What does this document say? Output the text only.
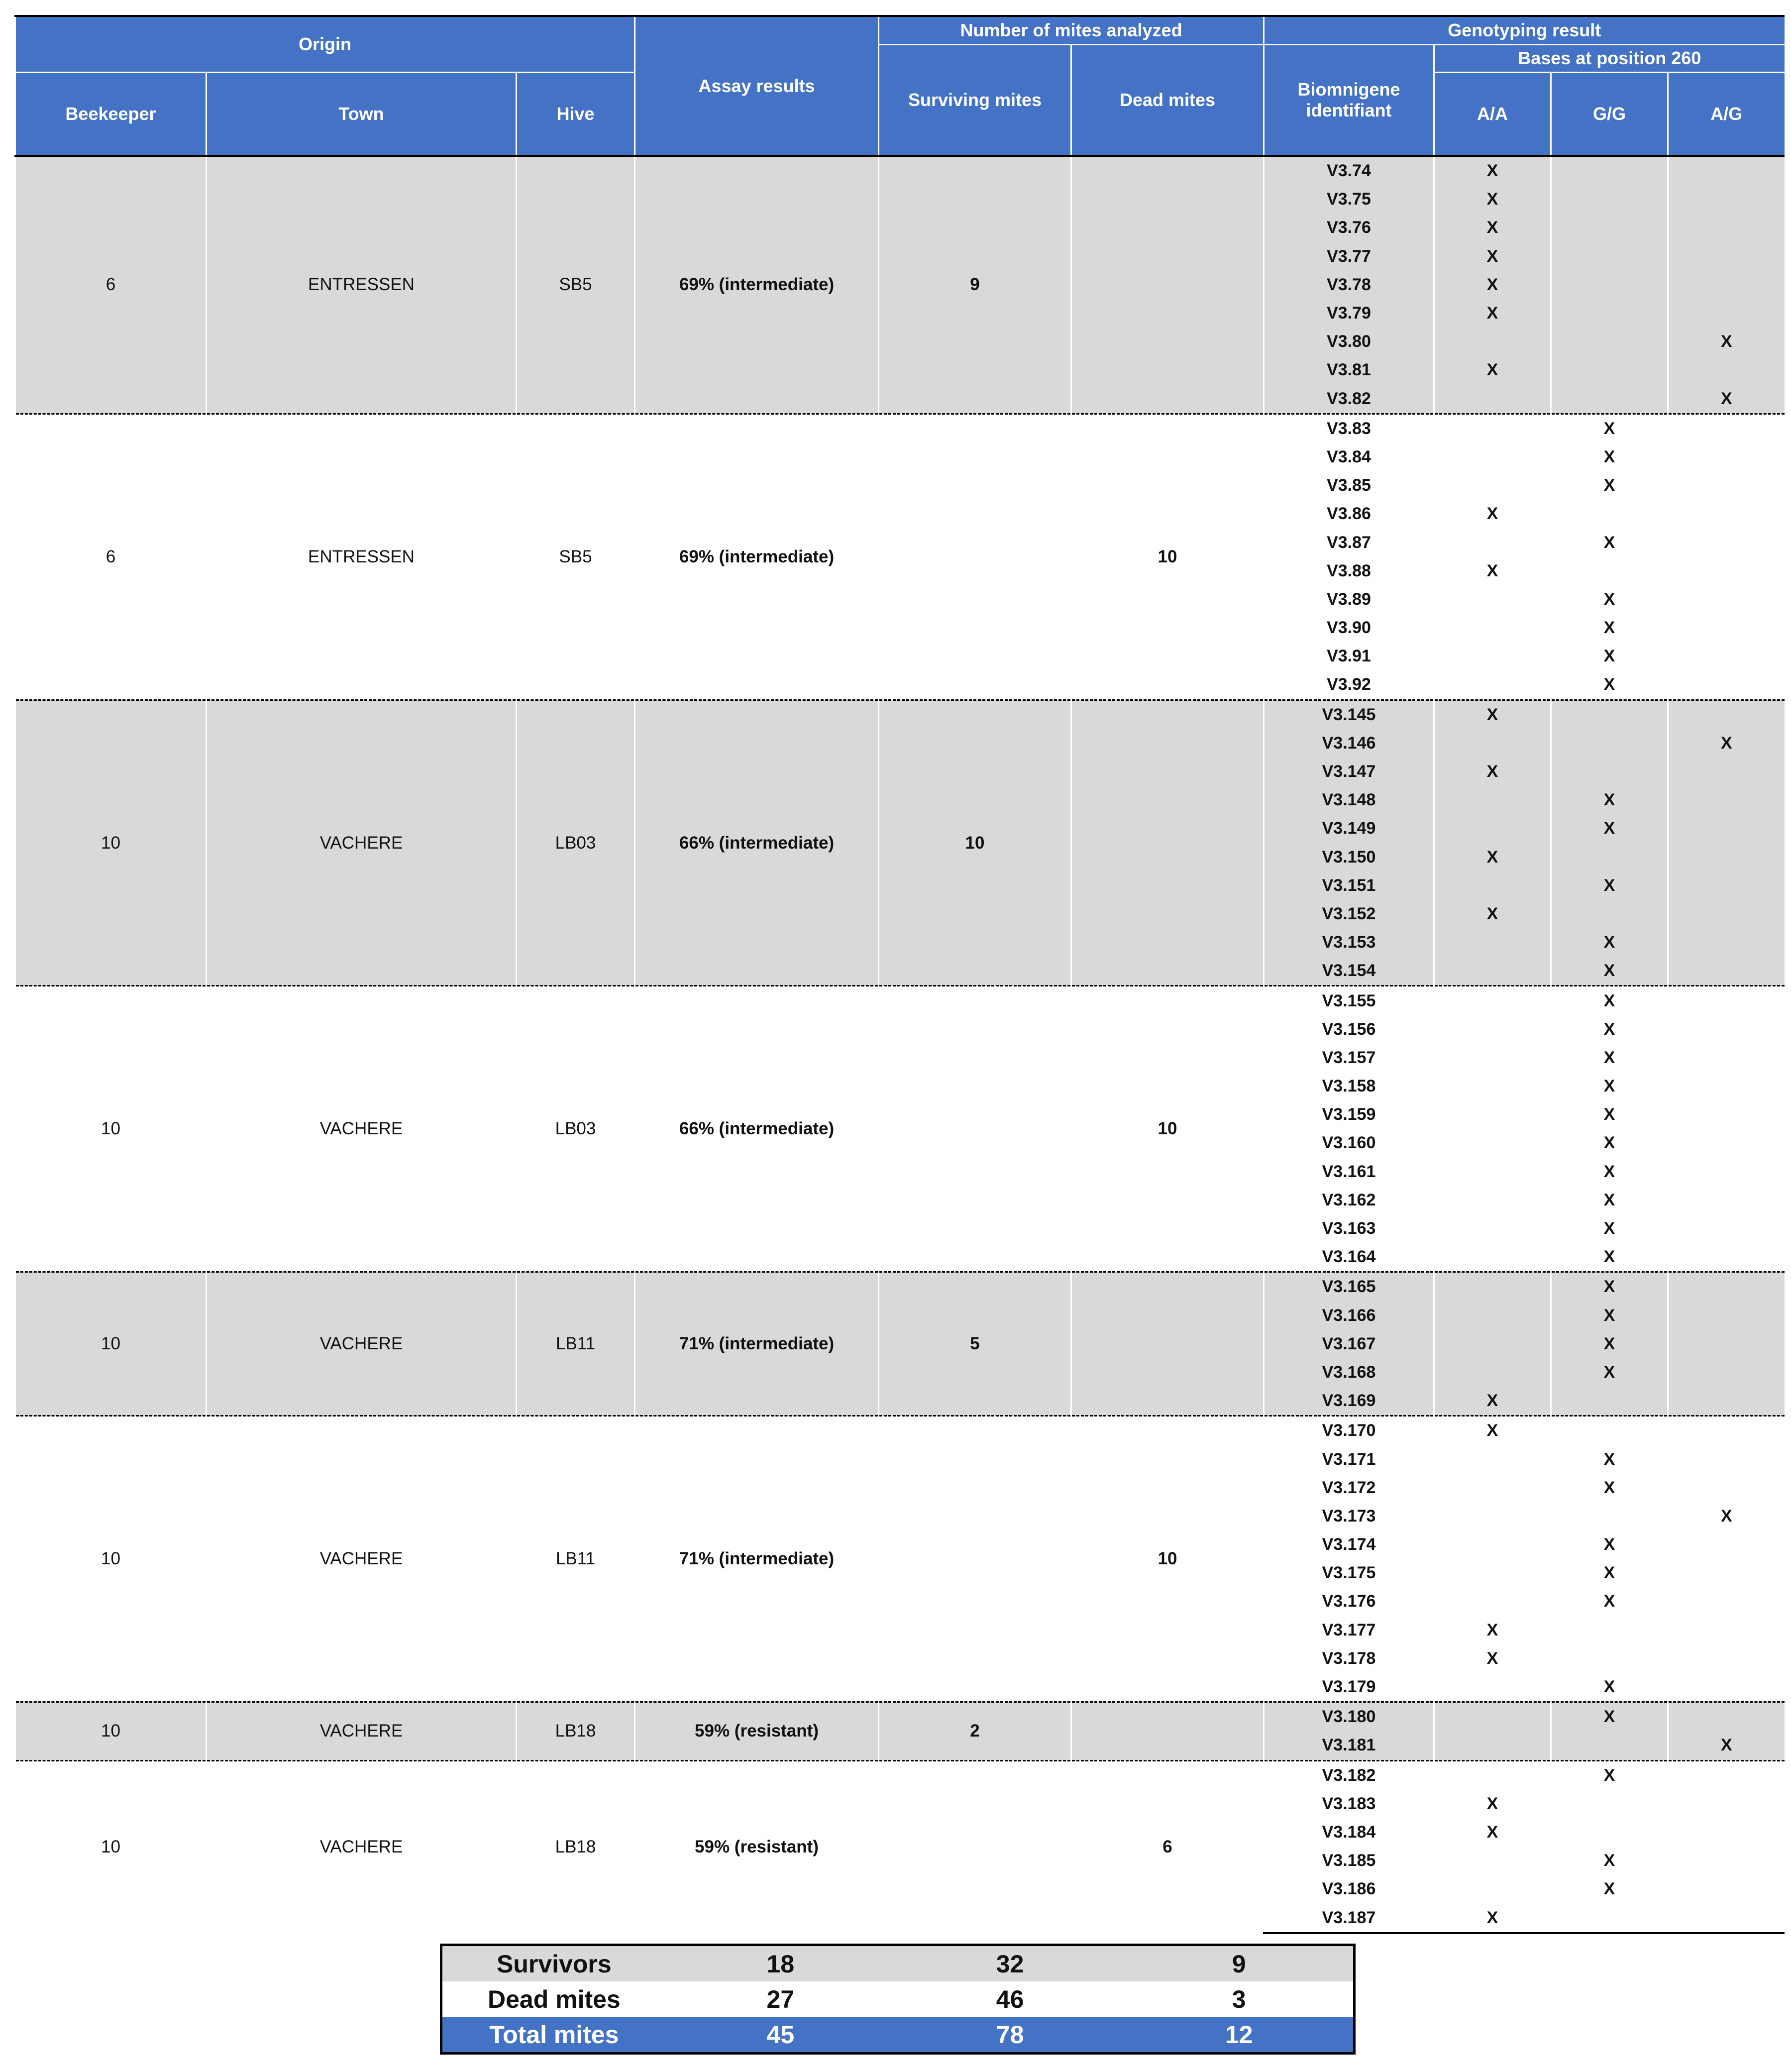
Origin			Assay results	Number of mites analyzed		Genotyping result			
				Surviving mites	Dead mites	Biomnigene identifiant	Bases at position 260		
Beekeeper	Town	Hive					A/A	G/G	A/G
6	ENTRESSEN	SB5	69% (intermediate)	9		V3.74	X		
						V3.75	X		
						V3.76	X		
						V3.77	X		
						V3.78	X		
						V3.79	X		
						V3.80			X
						V3.81	X		
						V3.82			X
6	ENTRESSEN	SB5	69% (intermediate)		10	V3.83		X	
						V3.84		X	
						V3.85		X	
						V3.86	X		
						V3.87		X	
						V3.88	X		
						V3.89		X	
						V3.90		X	
						V3.91		X	
						V3.92		X	
10	VACHERE	LB03	66% (intermediate)	10		V3.145	X		
						V3.146			X
						V3.147	X		
						V3.148		X	
						V3.149		X	
						V3.150	X		
						V3.151		X	
						V3.152	X		
						V3.153		X	
						V3.154		X	
10	VACHERE	LB03	66% (intermediate)		10	V3.155		X	
						V3.156		X	
						V3.157		X	
						V3.158		X	
						V3.159		X	
						V3.160		X	
						V3.161		X	
						V3.162		X	
						V3.163		X	
						V3.164		X	
10	VACHERE	LB11	71% (intermediate)	5		V3.165		X	
						V3.166		X	
						V3.167		X	
						V3.168		X	
						V3.169	X		
10	VACHERE	LB11	71% (intermediate)		10	V3.170	X		
						V3.171		X	
						V3.172		X	
						V3.173			X
						V3.174		X	
						V3.175		X	
						V3.176		X	
						V3.177	X		
						V3.178	X		
						V3.179		X	
10	VACHERE	LB18	59% (resistant)	2		V3.180		X	
						V3.181			X
10	VACHERE	LB18	59% (resistant)		6	V3.182		X	
						V3.183	X		
						V3.184	X		
						V3.185		X	
						V3.186		X	
						V3.187	X		
Survivors	18	32	9
Dead mites	27	46	3
Total mites	45	78	12
